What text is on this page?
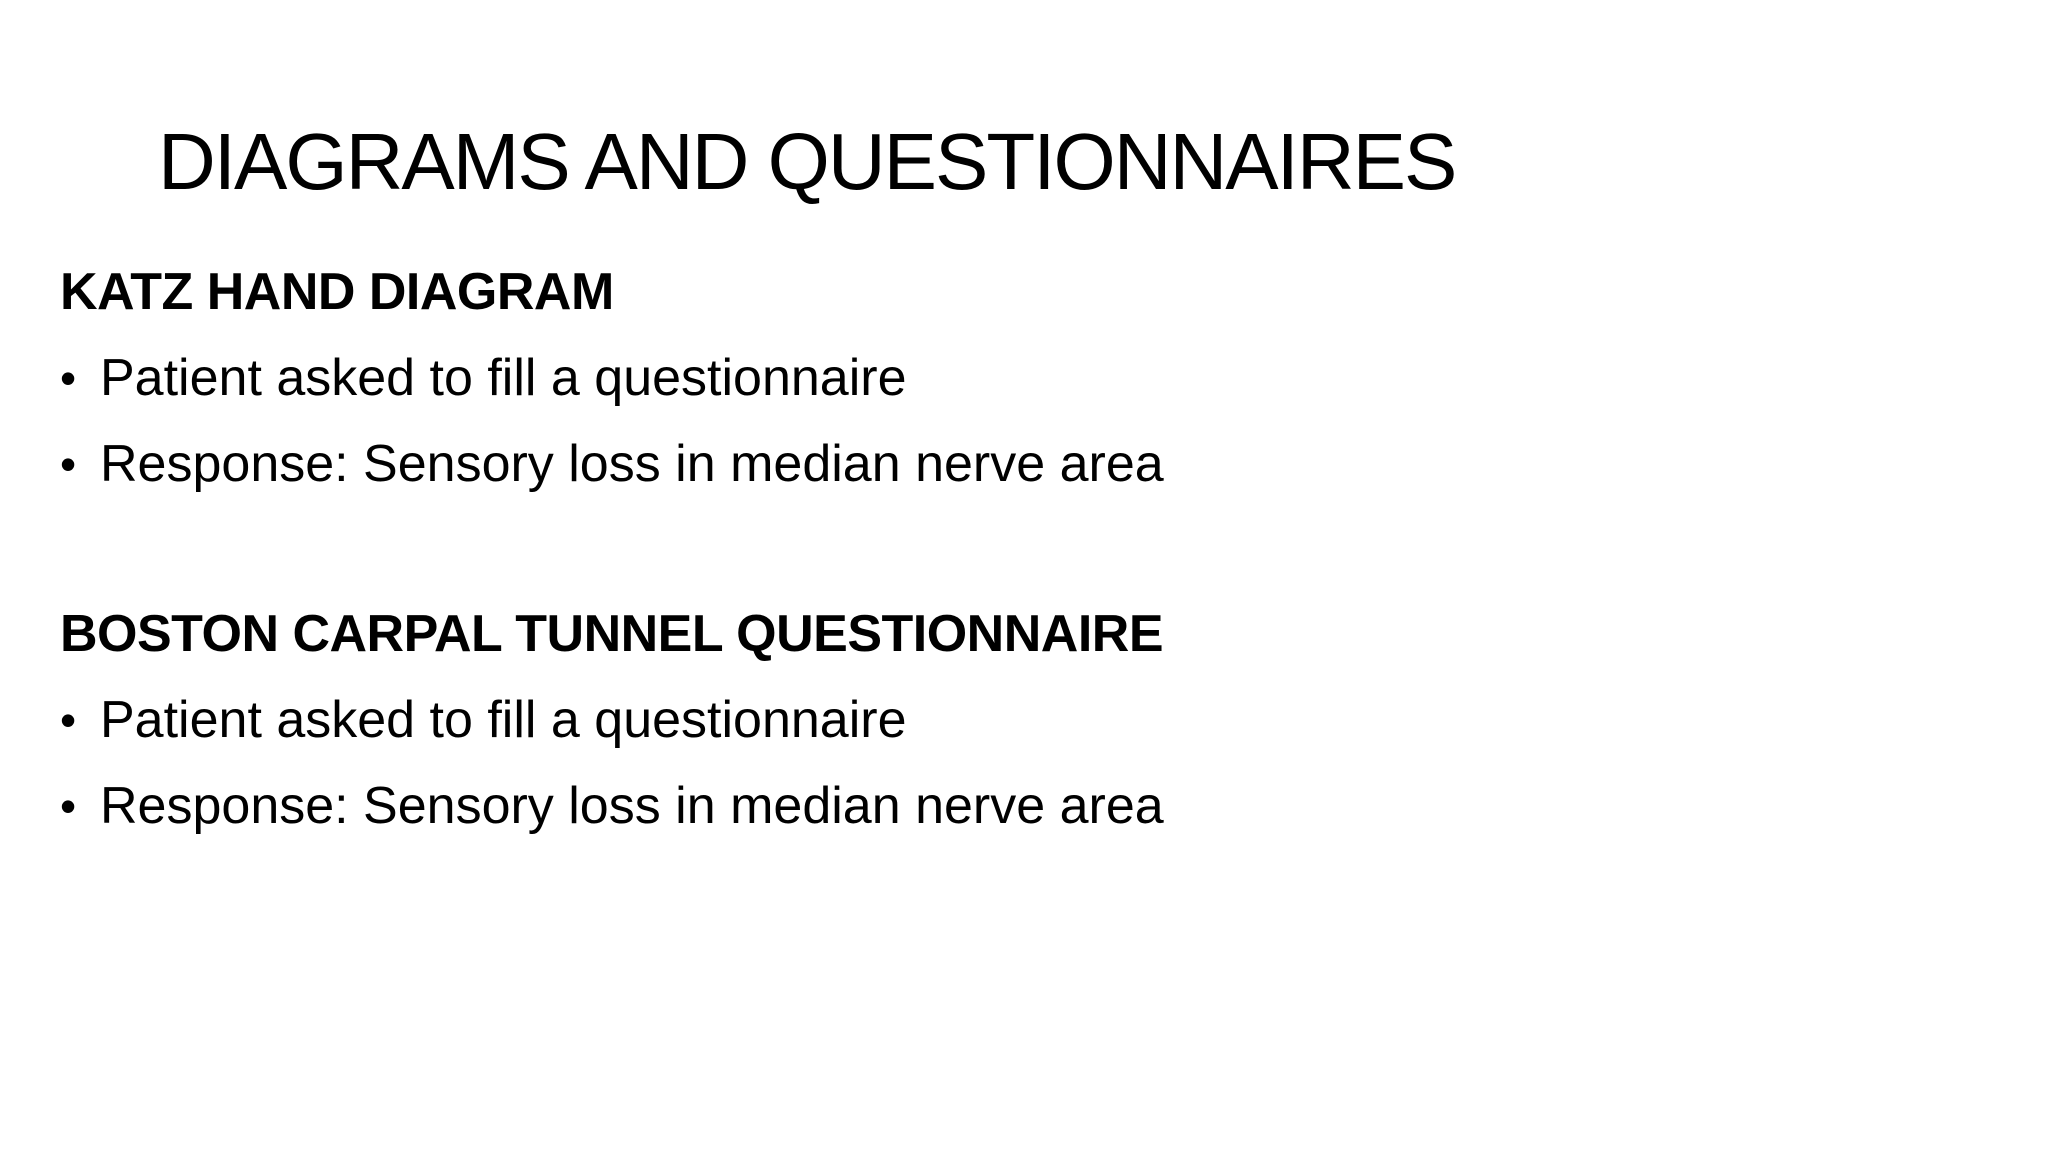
DIAGRAMS AND QUESTIONNAIRES
KATZ HAND DIAGRAM
• Patient asked to fill a questionnaire
• Response: Sensory loss in median nerve area
BOSTON CARPAL TUNNEL QUESTIONNAIRE
• Patient asked to fill a questionnaire
• Response: Sensory loss in median nerve area
